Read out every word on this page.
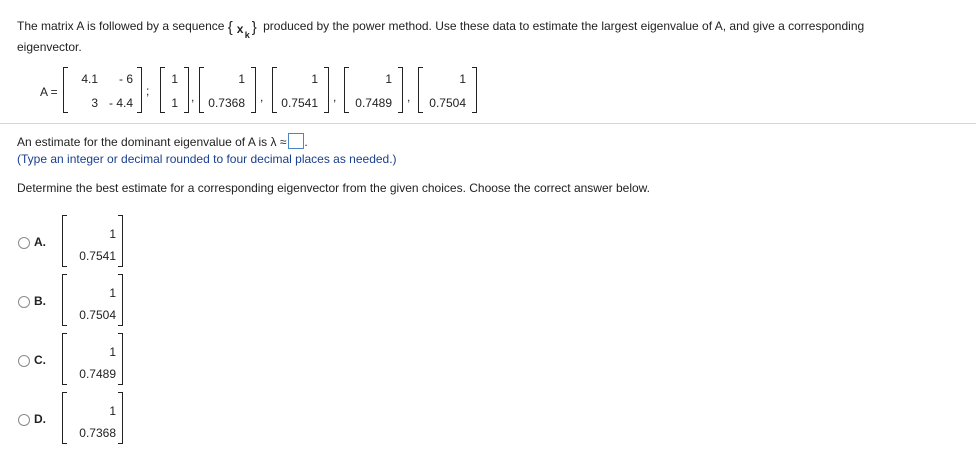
The matrix A is followed by a sequence { x k } produced by the power method. Use these data to estimate the largest eigenvalue of A, and give a corresponding
eigenvector.
A =
4.1	- 6
3 - 4.4
;
1
1 ,
1
0.7368 ,
1
0.7541 ,
1
0.7489 ,
1
0.7504
An estimate for the dominant eigenvalue of A is λ ≈ .
(Type an integer or decimal rounded to four decimal places as needed.)
Determine the best estimate for a corresponding eigenvector from the given choices. Choose the correct answer below.
A.
1
0.7541
B.
1
0.7504
C.
1
0.7489
D.
1
0.7368
